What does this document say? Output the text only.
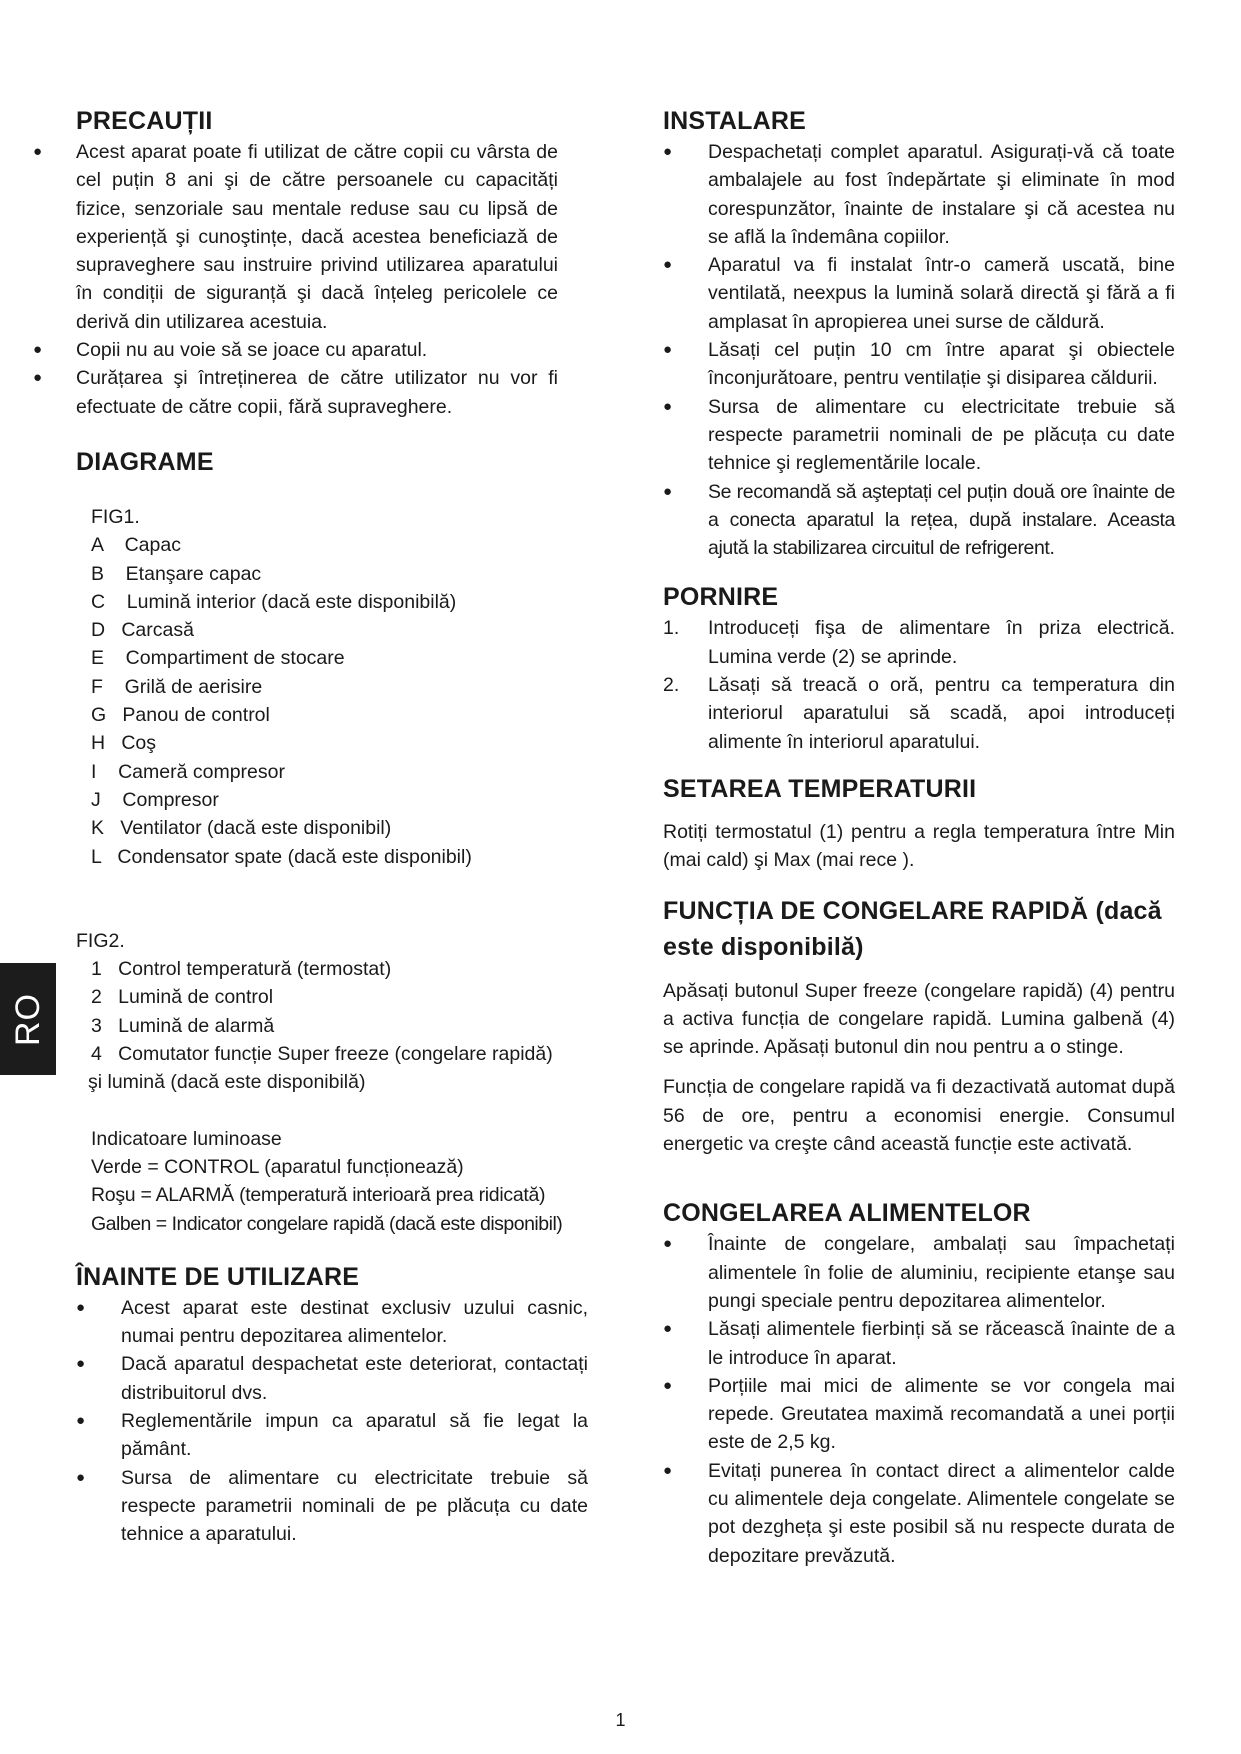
PRECAUȚII
● Acest aparat poate fi utilizat de către copii cu vârsta de cel puțin 8 ani şi de către persoanele cu capacități fizice, senzoriale sau mentale reduse sau cu lipsă de experiență şi cunoştințe, dacă acestea beneficiază de supraveghere sau instruire privind utilizarea aparatului în condiții de siguranță şi dacă înțeleg pericolele ce derivă din utilizarea acestuia.
● Copii nu au voie să se joace cu aparatul.
● Curățarea şi întreținerea de către utilizator nu vor fi efectuate de către copii, fără supraveghere.
DIAGRAME
FIG1.
A    Capac
B    Etanşare capac
C    Lumină interior (dacă este disponibilă)
D   Carcasă
E    Compartiment de stocare
F    Grilă de aerisire
G   Panou de control
H   Coş
I    Cameră compresor
J    Compresor
K   Ventilator (dacă este disponibil)
L   Condensator spate (dacă este disponibil)
FIG2.
1   Control temperatură (termostat)
2   Lumină de control
3   Lumină de alarmă
4   Comutator funcție Super freeze (congelare rapidă)
şi lumină (dacă este disponibilă)
Indicatoare luminoase
Verde = CONTROL (aparatul funcționează)
Roşu = ALARMĂ (temperatură interioară prea ridicată)
Galben = Indicator congelare rapidă (dacă este disponibil)
ÎNAINTE DE UTILIZARE
● Acest aparat este destinat exclusiv uzului casnic, numai pentru depozitarea alimentelor.
● Dacă aparatul despachetat este deteriorat, contactați distribuitorul dvs.
● Reglementările impun ca aparatul să fie legat la pământ.
● Sursa de alimentare cu electricitate trebuie să respecte parametrii nominali de pe plăcuța cu date tehnice a aparatului.
INSTALARE
● Despachetați complet aparatul. Asigurați-vă că toate ambalajele au fost îndepărtate şi eliminate în mod corespunzător, înainte de instalare şi că acestea nu se află la îndemâna copiilor.
● Aparatul va fi instalat într-o cameră uscată, bine ventilată, neexpus la lumină solară directă şi fără a fi amplasat în apropierea unei surse de căldură.
● Lăsați cel puțin 10 cm între aparat şi obiectele înconjurătoare, pentru ventilație şi disiparea căldurii.
● Sursa de alimentare cu electricitate trebuie să respecte parametrii nominali de pe plăcuța cu date tehnice şi reglementările locale.
● Se recomandă să aşteptați cel puțin două ore înainte de a conecta aparatul la rețea, după instalare. Aceasta ajută la stabilizarea circuitul de refrigerent.
PORNIRE
1. Introduceți fişa de alimentare în priza electrică. Lumina verde (2) se aprinde.
2. Lăsați să treacă o oră, pentru ca temperatura din interiorul aparatului să scadă, apoi introduceți alimente în interiorul aparatului.
SETAREA TEMPERATURII

Rotiți termostatul (1) pentru a regla temperatura între Min (mai cald) şi Max (mai rece ).

FUNCȚIA DE CONGELARE RAPIDĂ (dacă este disponibilă)

Apăsați butonul Super freeze (congelare rapidă) (4) pentru a activa funcția de congelare rapidă. Lumina galbenă (4) se aprinde. Apăsați butonul din nou pentru a o stinge.

Funcția de congelare rapidă va fi dezactivată automat după 56 de ore, pentru a economisi energie. Consumul energetic va creşte când această funcție este activată.

CONGELAREA ALIMENTELOR
● Înainte de congelare, ambalați sau împachetați alimentele în folie de aluminiu, recipiente etanşe sau pungi speciale pentru depozitarea alimentelor.
● Lăsați alimentele fierbinți să se răcească înainte de a le introduce în aparat.
● Porțiile mai mici de alimente se vor congela mai repede. Greutatea maximă recomandată a unei porții este de 2,5 kg.
● Evitați punerea în contact direct a alimentelor calde cu alimentele deja congelate. Alimentele congelate se pot dezgheța şi este posibil să nu respecte durata de depozitare prevăzută.
RO
1
